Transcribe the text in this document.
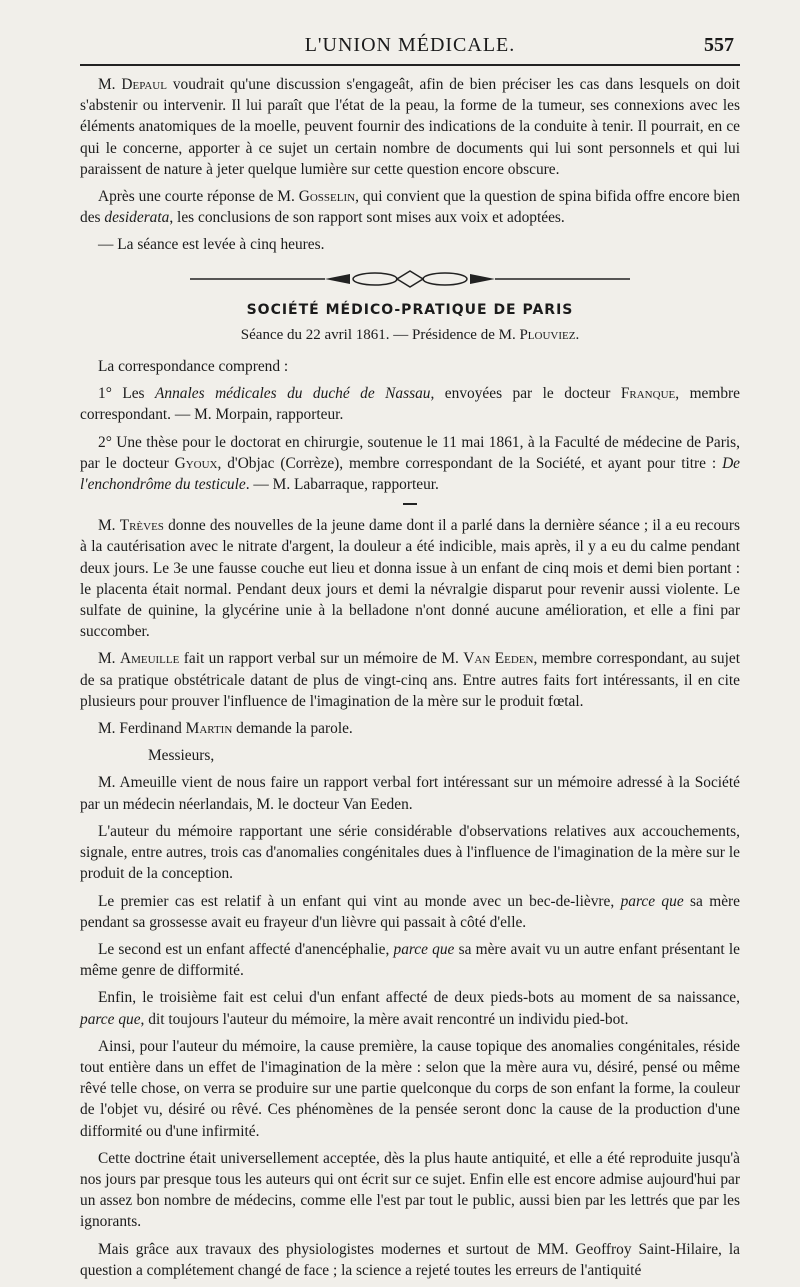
L'UNION MÉDICALE.	557

M. Depaul voudrait qu'une discussion s'engageât, afin de bien préciser les cas dans lesquels on doit s'abstenir ou intervenir. Il lui paraît que l'état de la peau, la forme de la tumeur, ses connexions avec les éléments anatomiques de la moelle, peuvent fournir des indications de la conduite à tenir. Il pourrait, en ce qui le concerne, apporter à ce sujet un certain nombre de documents qui lui sont personnels et qui lui paraissent de nature à jeter quelque lumière sur cette question encore obscure.

Après une courte réponse de M. Gosselin, qui convient que la question de spina bifida offre encore bien des desiderata, les conclusions de son rapport sont mises aux voix et adoptées.

— La séance est levée à cinq heures.

SOCIÉTÉ MÉDICO-PRATIQUE DE PARIS
Séance du 22 avril 1861. — Présidence de M. Plouviez.

La correspondance comprend :

1° Les Annales médicales du duché de Nassau, envoyées par le docteur Franque, membre correspondant. — M. Morpain, rapporteur.

2° Une thèse pour le doctorat en chirurgie, soutenue le 11 mai 1861, à la Faculté de médecine de Paris, par le docteur Gyoux, d'Objac (Corrèze), membre correspondant de la Société, et ayant pour titre : De l'enchondrôme du testicule. — M. Labarraque, rapporteur.

M. Trèves donne des nouvelles de la jeune dame dont il a parlé dans la dernière séance ; il a eu recours à la cautérisation avec le nitrate d'argent, la douleur a été indicible, mais après, il y a eu du calme pendant deux jours. Le 3e une fausse couche eut lieu et donna issue à un enfant de cinq mois et demi bien portant : le placenta était normal. Pendant deux jours et demi la névralgie disparut pour revenir aussi violente. Le sulfate de quinine, la glycérine unie à la belladone n'ont donné aucune amélioration, et elle a fini par succomber.

M. Ameuille fait un rapport verbal sur un mémoire de M. Van Eeden, membre correspondant, au sujet de sa pratique obstétricale datant de plus de vingt-cinq ans. Entre autres faits fort intéressants, il en cite plusieurs pour prouver l'influence de l'imagination de la mère sur le produit fœtal.

M. Ferdinand Martin demande la parole.

Messieurs,

M. Ameuille vient de nous faire un rapport verbal fort intéressant sur un mémoire adressé à la Société par un médecin néerlandais, M. le docteur Van Eeden.

L'auteur du mémoire rapportant une série considérable d'observations relatives aux accouchements, signale, entre autres, trois cas d'anomalies congénitales dues à l'influence de l'imagination de la mère sur le produit de la conception.

Le premier cas est relatif à un enfant qui vint au monde avec un bec-de-lièvre, parce que sa mère pendant sa grossesse avait eu frayeur d'un lièvre qui passait à côté d'elle.

Le second est un enfant affecté d'anencéphalie, parce que sa mère avait vu un autre enfant présentant le même genre de difformité.

Enfin, le troisième fait est celui d'un enfant affecté de deux pieds-bots au moment de sa naissance, parce que, dit toujours l'auteur du mémoire, la mère avait rencontré un individu pied-bot.

Ainsi, pour l'auteur du mémoire, la cause première, la cause topique des anomalies congénitales, réside tout entière dans un effet de l'imagination de la mère : selon que la mère aura vu, désiré, pensé ou même rêvé telle chose, on verra se produire sur une partie quelconque du corps de son enfant la forme, la couleur de l'objet vu, désiré ou rêvé. Ces phénomènes de la pensée seront donc la cause de la production d'une difformité ou d'une infirmité.

Cette doctrine était universellement acceptée, dès la plus haute antiquité, et elle a été reproduite jusqu'à nos jours par presque tous les auteurs qui ont écrit sur ce sujet. Enfin elle est encore admise aujourd'hui par un assez bon nombre de médecins, comme elle l'est par tout le public, aussi bien par les lettrés que par les ignorants.

Mais grâce aux travaux des physiologistes modernes et surtout de MM. Geoffroy Saint-Hilaire, la question a complétement changé de face ; la science a rejeté toutes les erreurs de l'antiquité
